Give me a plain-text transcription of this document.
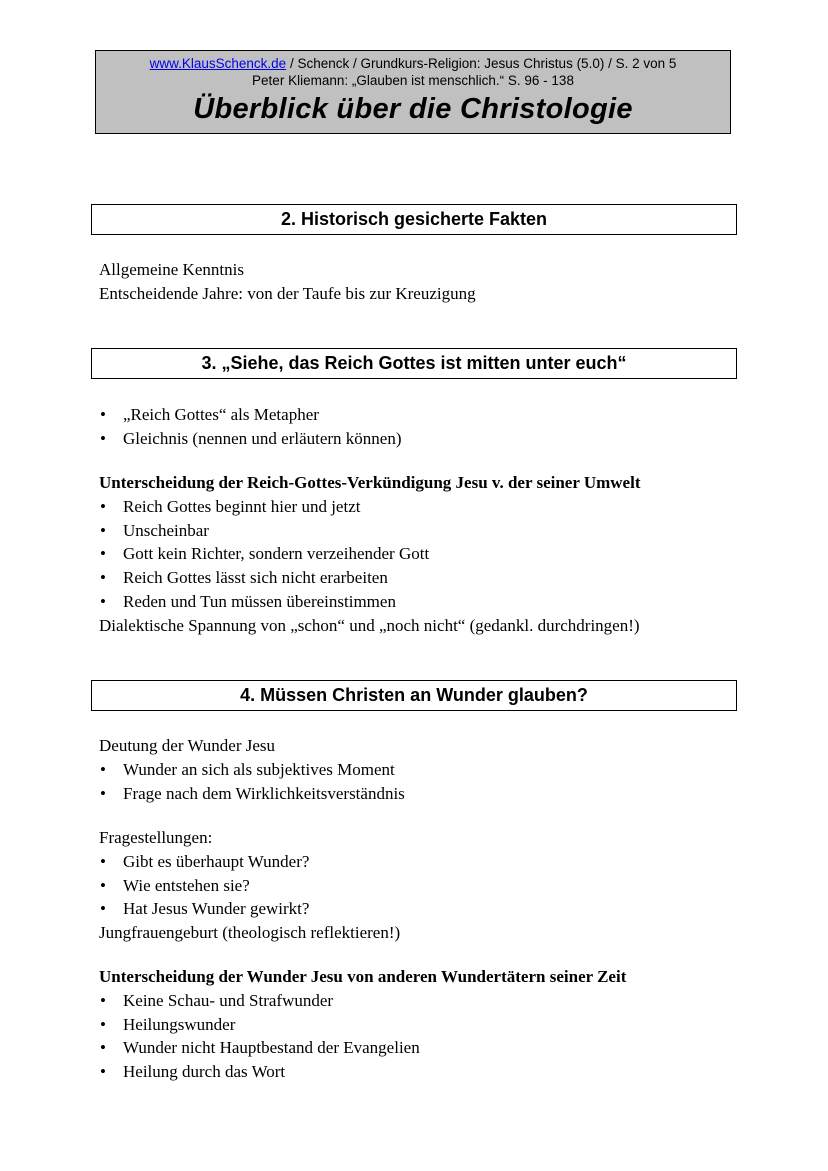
www.KlausSchenck.de / Schenck / Grundkurs-Religion: Jesus Christus (5.0) / S. 2 von 5
Peter Kliemann: „Glauben ist menschlich.“ S. 96 - 138
Überblick über die Christologie
2. Historisch gesicherte Fakten

Allgemeine Kenntnis

Entscheidende Jahre: von der Taufe bis zur Kreuzigung

3. „Siehe, das Reich Gottes ist mitten unter euch“
• „Reich Gottes“ als Metapher
• Gleichnis (nennen und erläutern können)

Unterscheidung der Reich-Gottes-Verkündigung Jesu v. der seiner Umwelt

• Reich Gottes beginnt hier und jetzt
• Unscheinbar
• Gott kein Richter, sondern verzeihender Gott
• Reich Gottes lässt sich nicht erarbeiten
• Reden und Tun müssen übereinstimmen

Dialektische Spannung von „schon“ und „noch nicht“ (gedankl. durchdringen!)

4. Müssen Christen an Wunder glauben?

Deutung der Wunder Jesu

• Wunder an sich als subjektives Moment
• Frage nach dem Wirklichkeitsverständnis

Fragestellungen:

• Gibt es überhaupt Wunder?
• Wie entstehen sie?
• Hat Jesus Wunder gewirkt?

Jungfrauengeburt (theologisch reflektieren!)

Unterscheidung der Wunder Jesu von anderen Wundertätern seiner Zeit

• Keine Schau- und Strafwunder
• Heilungswunder
• Wunder nicht Hauptbestand der Evangelien
• Heilung durch das Wort
